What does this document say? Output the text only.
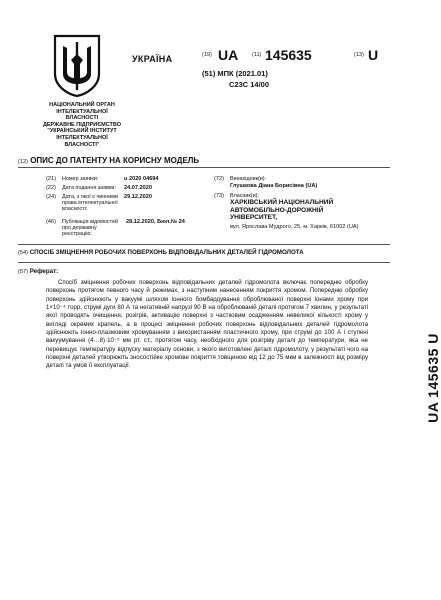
УКРАЇНА	(19) UA	(11) 145635	(13) U
(51) МПК (2021.01)
C23C 14/00
НАЦІОНАЛЬНИЙ ОРГАН
ІНТЕЛЕКТУАЛЬНОЇ
ВЛАСНОСТІ
ДЕРЖАВНЕ ПІДПРИЄМСТВО
"УКРАЇНСЬКИЙ ІНСТИТУТ
ІНТЕЛЕКТУАЛЬНОЇ
ВЛАСНОСТІ"
(12) ОПИС ДО ПАТЕНТУ НА КОРИСНУ МОДЕЛЬ
(21) Номер заявки:	u 2020 04694
(22) Дата подання заявки: 24.07.2020
(24) Дата, з якої є чинними права інтелектуальної власності:
29.12.2020
(46) Публікація відомостей про державну реєстрацію:
28.12.2020, Бюл.№ 24
(72) Винахідник(и):
Глушкова Діана Борисівна (UA)
(73) Власник(и):
ХАРКІВСЬКИЙ НАЦІОНАЛЬНИЙ АВТОМОБІЛЬНО-ДОРОЖНІЙ УНІВЕРСИТЕТ,
вул. Ярослава Мудрого, 25, м. Харків, 61002 (UA)
(54) СПОСІБ ЗМІЦНЕННЯ РОБОЧИХ ПОВЕРХОНЬ ВІДПОВІДАЛЬНИХ ДЕТАЛЕЙ ГІДРОМОЛОТА
(57) Реферат:

Спосіб зміцнення робочих поверхонь відповідальних деталей гідромолота включає попередню обробку поверхонь протягом певного часу й режимах, з наступним нанесенням покриття хромом. Попередню обробку поверхонь здійснюють у вакуумі шляхом іонного бомбардування оброблюваної поверхні іонами хрому при 1×10⁻⁴ торр, струмі дуги 80 А та негативній напрузі 90 В на оброблюваній деталі протягом 7 хвилин, у результаті якої проводять очищення, розігрів, активацію поверхні з частковим осадженням невеликої кількості хрому у вигляді окремих крапель, а в процесі зміцнення робочих поверхонь відповідальних деталей гідромолота здійснюють іонно-плазмовим хромуванням з використанням пластичного хрому, при струмі до 100 А і ступені вакуумування (4…8)·10⁻⁵ мм рт. ст., протягом часу, необхідного для розігріву деталі до температури, яка не перевищує температуру відпуску матеріалу основи, з якого виготовлені деталі гідромолоту, у результаті чого на поверхні деталей утворюють зносостійке хромове покриття товщиною від 12 до 75 мкм в залежності від розміру деталі та умов її експлуатації.	UA 145635 U
